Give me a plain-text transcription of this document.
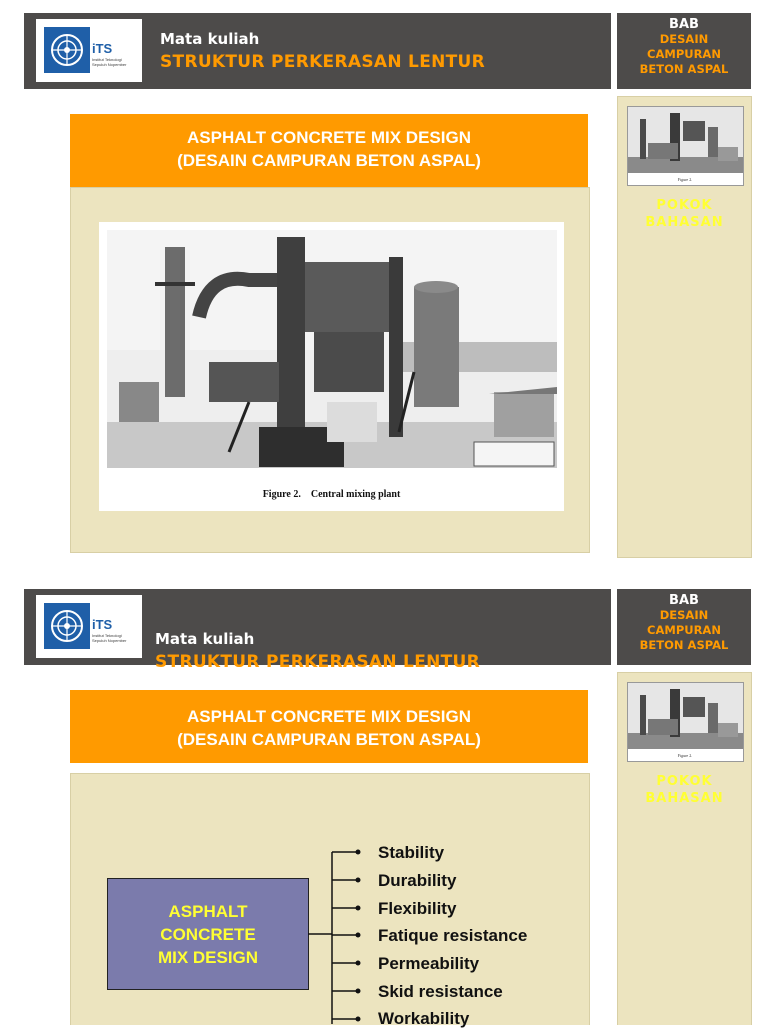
iTS
Institut Teknologi Sepuluh Nopember
Mata kuliah
STRUKTUR PERKERASAN LENTUR
BAB
DESAIN
CAMPURAN
BETON ASPAL
Figure 2.
POKOK
BAHASAN
ASPHALT CONCRETE MIX DESIGN
(DESAIN CAMPURAN BETON ASPAL)
Figure 2.    Central mixing plant
iTS
Institut Teknologi Sepuluh Nopember	Mata kuliah
STRUKTUR PERKERASAN LENTUR
BAB
DESAIN
CAMPURAN
BETON ASPAL
Figure 2.
POKOK
BAHASAN
ASPHALT CONCRETE MIX DESIGN
(DESAIN CAMPURAN BETON ASPAL)
ASPHALT
CONCRETE
MIX DESIGN
Stability
Durability
Flexibility
Fatique resistance
Permeability
Skid resistance
Workability
